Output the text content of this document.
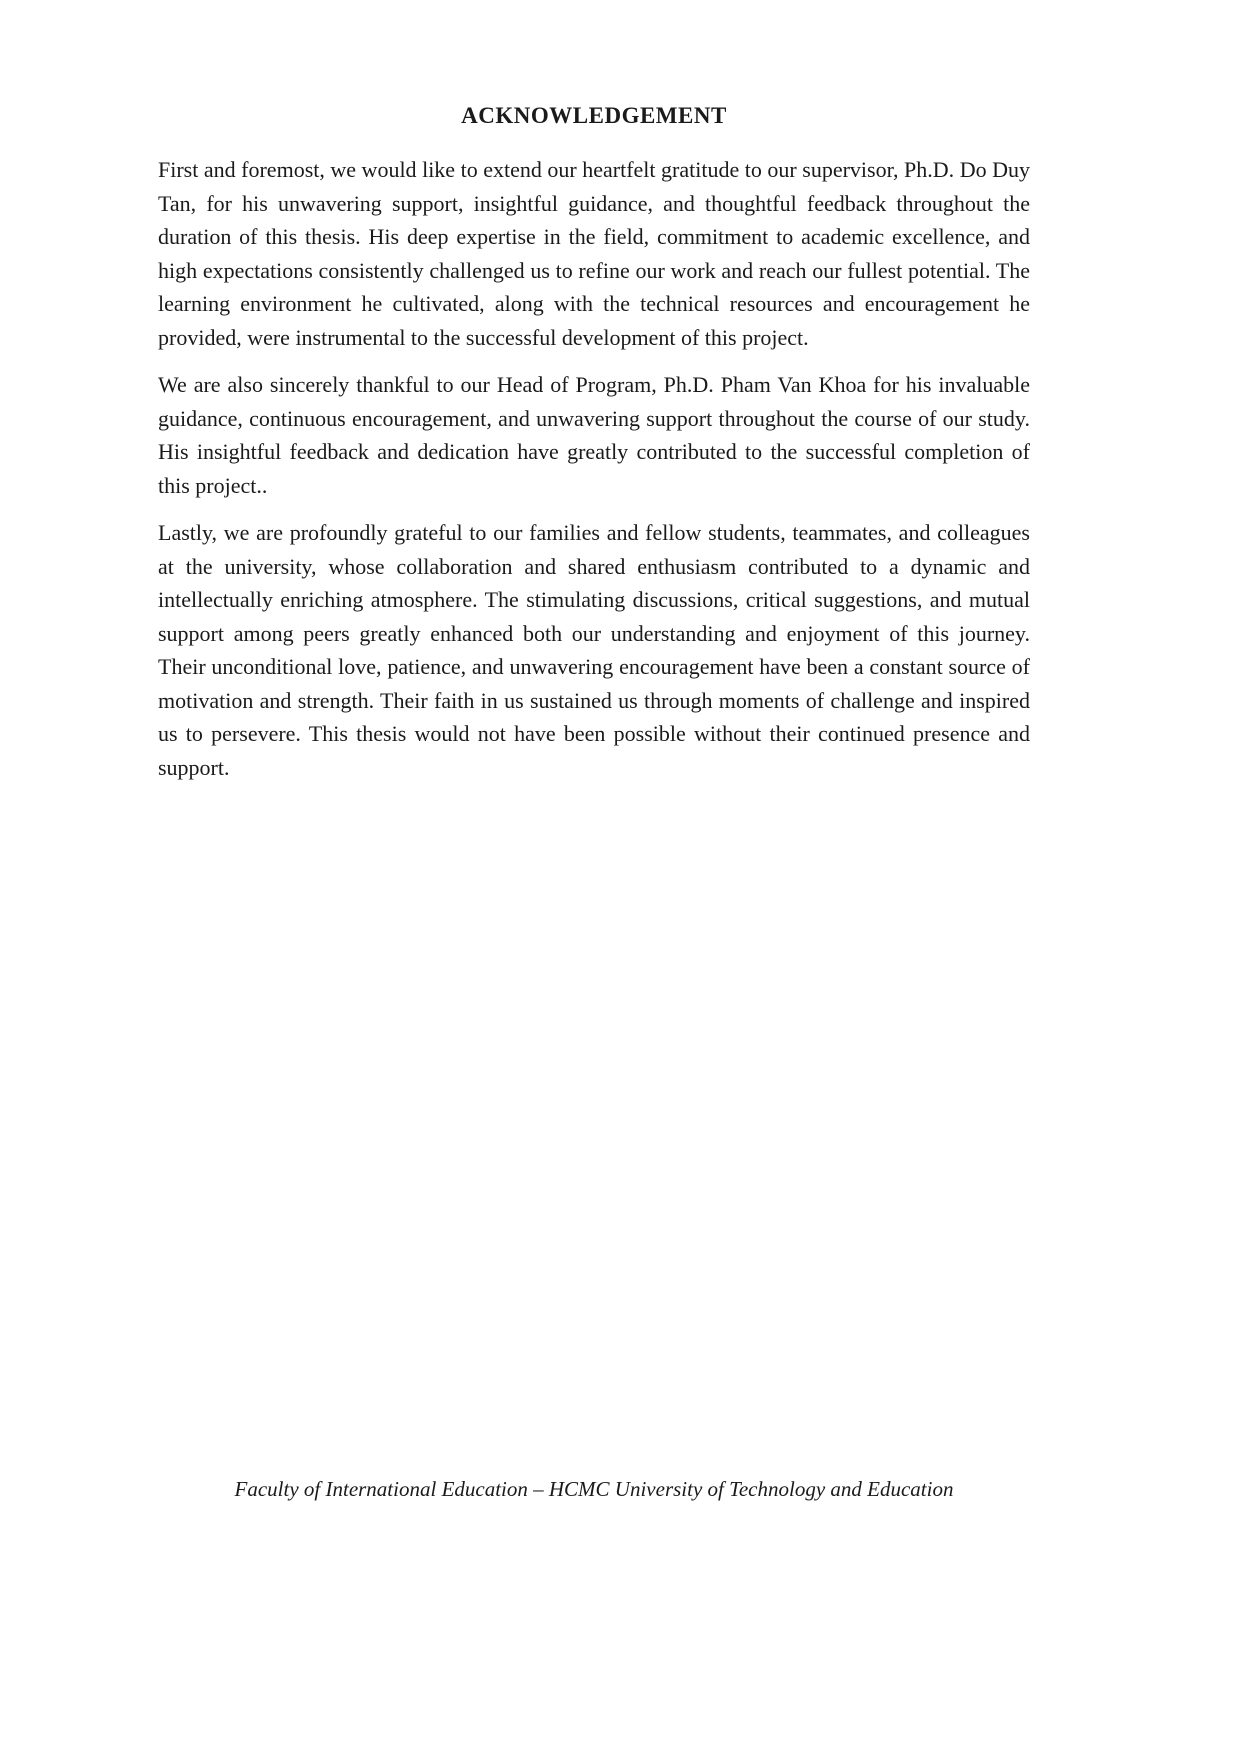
ACKNOWLEDGEMENT

First and foremost, we would like to extend our heartfelt gratitude to our supervisor, Ph.D. Do Duy Tan, for his unwavering support, insightful guidance, and thoughtful feedback throughout the duration of this thesis. His deep expertise in the field, commitment to academic excellence, and high expectations consistently challenged us to refine our work and reach our fullest potential. The learning environment he cultivated, along with the technical resources and encouragement he provided, were instrumental to the successful development of this project.

We are also sincerely thankful to our Head of Program, Ph.D. Pham Van Khoa for his invaluable guidance, continuous encouragement, and unwavering support throughout the course of our study. His insightful feedback and dedication have greatly contributed to the successful completion of this project..

Lastly, we are profoundly grateful to our families and fellow students, teammates, and colleagues at the university, whose collaboration and shared enthusiasm contributed to a dynamic and intellectually enriching atmosphere. The stimulating discussions, critical suggestions, and mutual support among peers greatly enhanced both our understanding and enjoyment of this journey. Their unconditional love, patience, and unwavering encouragement have been a constant source of motivation and strength. Their faith in us sustained us through moments of challenge and inspired us to persevere. This thesis would not have been possible without their continued presence and support.

Faculty of International Education – HCMC University of Technology and Education
